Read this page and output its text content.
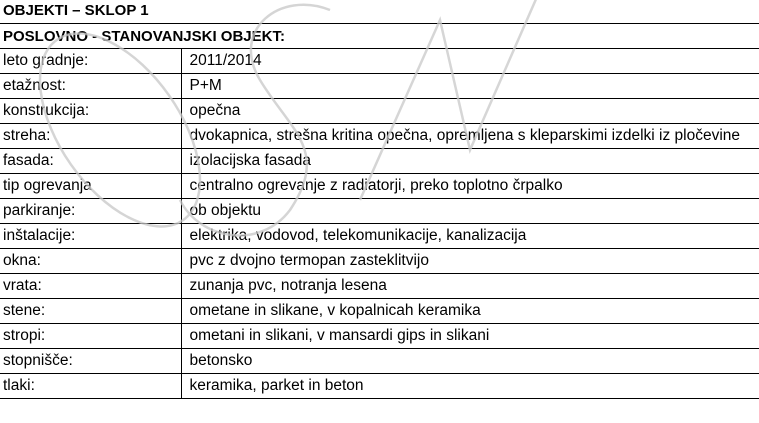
OBJEKTI – SKLOP 1
POSLOVNO - STANOVANJSKI OBJEKT:
leto gradnje:	2011/2014
etažnost:	P+M
konstrukcija:	opečna
streha:	dvokapnica, strešna kritina opečna, opremljena s kleparskimi izdelki iz pločevine
fasada:	izolacijska fasada
tip ogrevanja	centralno ogrevanje z radiatorji, preko toplotno črpalko
parkiranje:	ob objektu
inštalacije:	elektrika, vodovod, telekomunikacije, kanalizacija
okna:	pvc z dvojno termopan zasteklitvijo
vrata:	zunanja pvc, notranja lesena
stene:	ometane in slikane, v kopalnicah keramika
stropi:	ometani in slikani, v mansardi gips in slikani
stopnišče:	betonsko
tlaki:	keramika, parket in beton
